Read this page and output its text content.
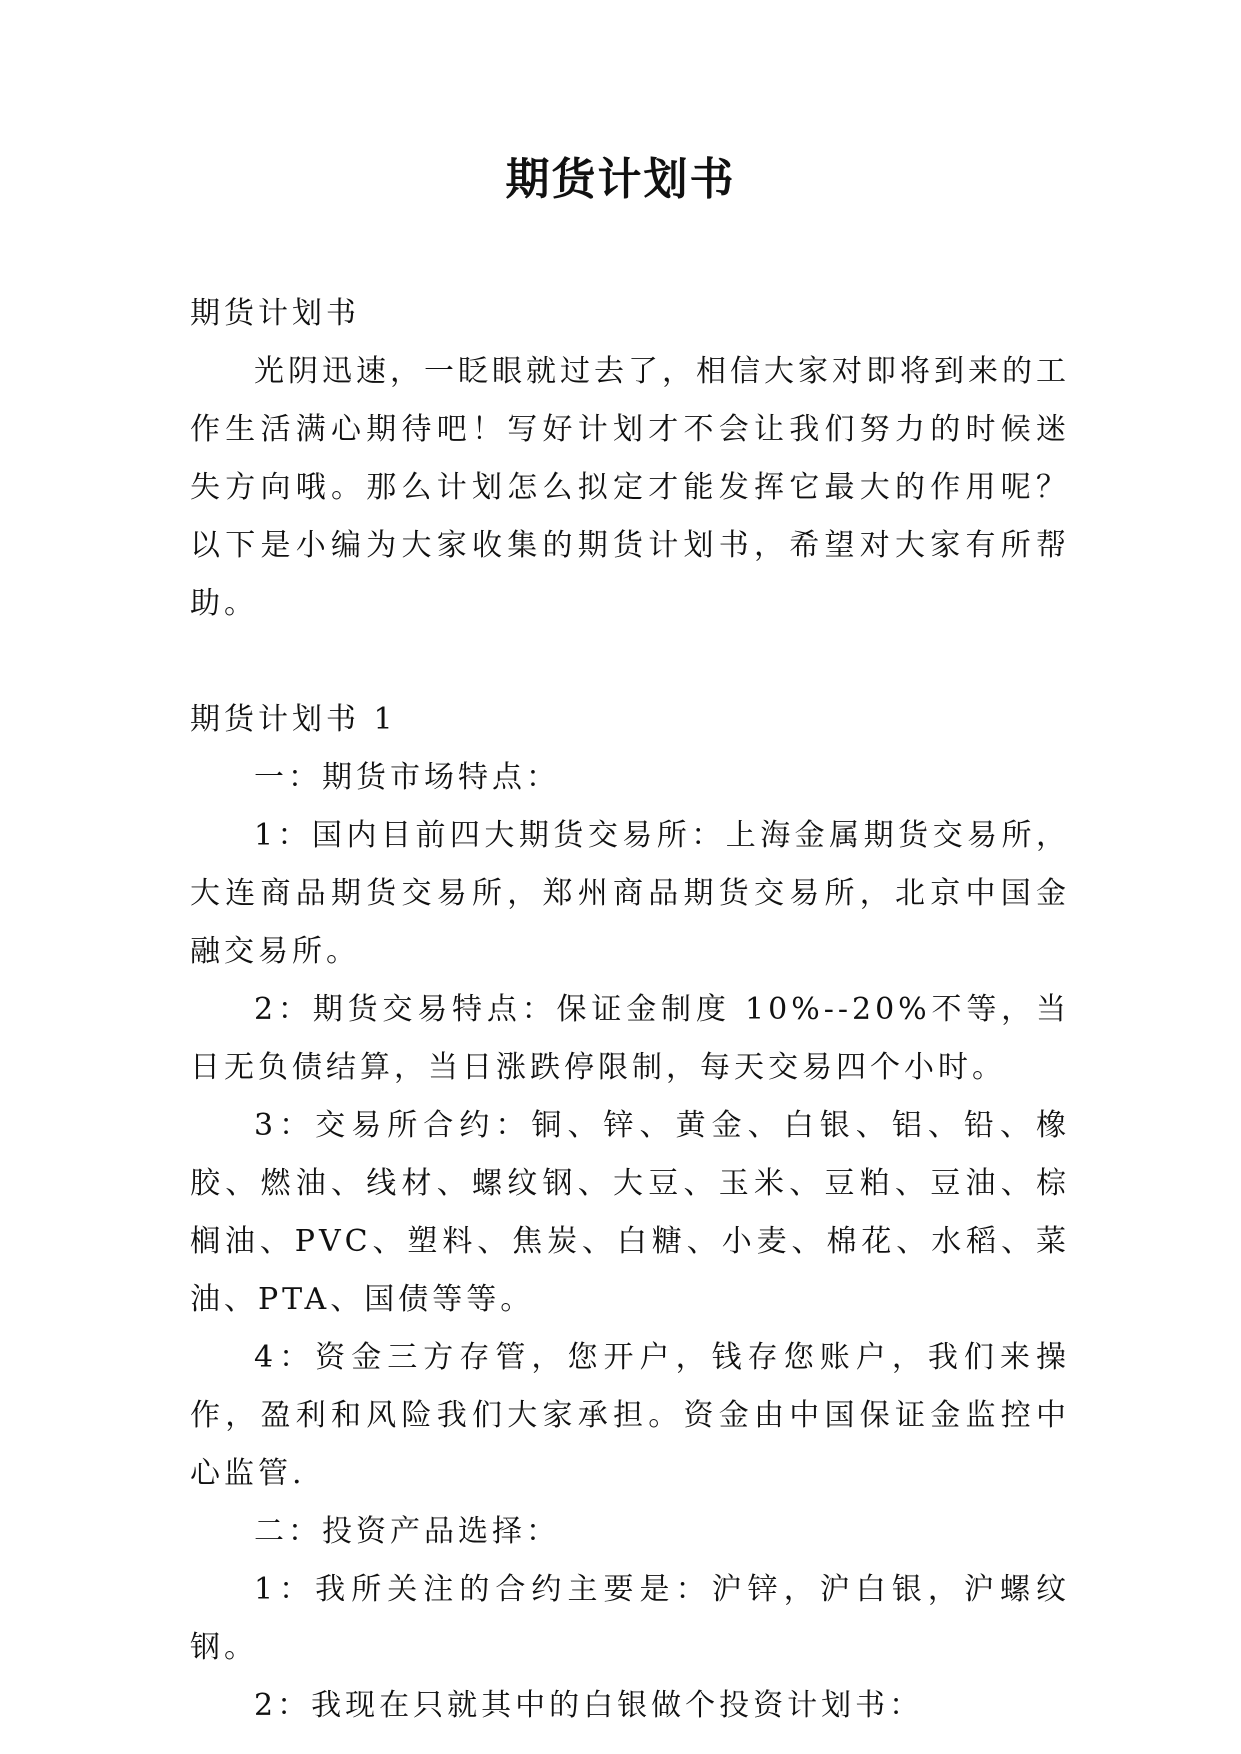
期货计划书

期货计划书

光阴迅速，一眨眼就过去了，相信大家对即将到来的工作生活满心期待吧！写好计划才不会让我们努力的时候迷失方向哦。那么计划怎么拟定才能发挥它最大的作用呢？以下是小编为大家收集的期货计划书，希望对大家有所帮助。

期货计划书 1

一：期货市场特点：

1：国内目前四大期货交易所：上海金属期货交易所，大连商品期货交易所，郑州商品期货交易所，北京中国金融交易所。

2：期货交易特点：保证金制度 10%--20%不等，当日无负债结算，当日涨跌停限制，每天交易四个小时。

3：交易所合约：铜、锌、黄金、白银、铝、铅、橡胶、燃油、线材、螺纹钢、大豆、玉米、豆粕、豆油、棕榈油、PVC、塑料、焦炭、白糖、小麦、棉花、水稻、菜油、PTA、国债等等。

4：资金三方存管，您开户，钱存您账户，我们来操作，盈利和风险我们大家承担。资金由中国保证金监控中心监管.

二：投资产品选择：

1：我所关注的合约主要是：沪锌，沪白银，沪螺纹钢。

2：我现在只就其中的白银做个投资计划书：
